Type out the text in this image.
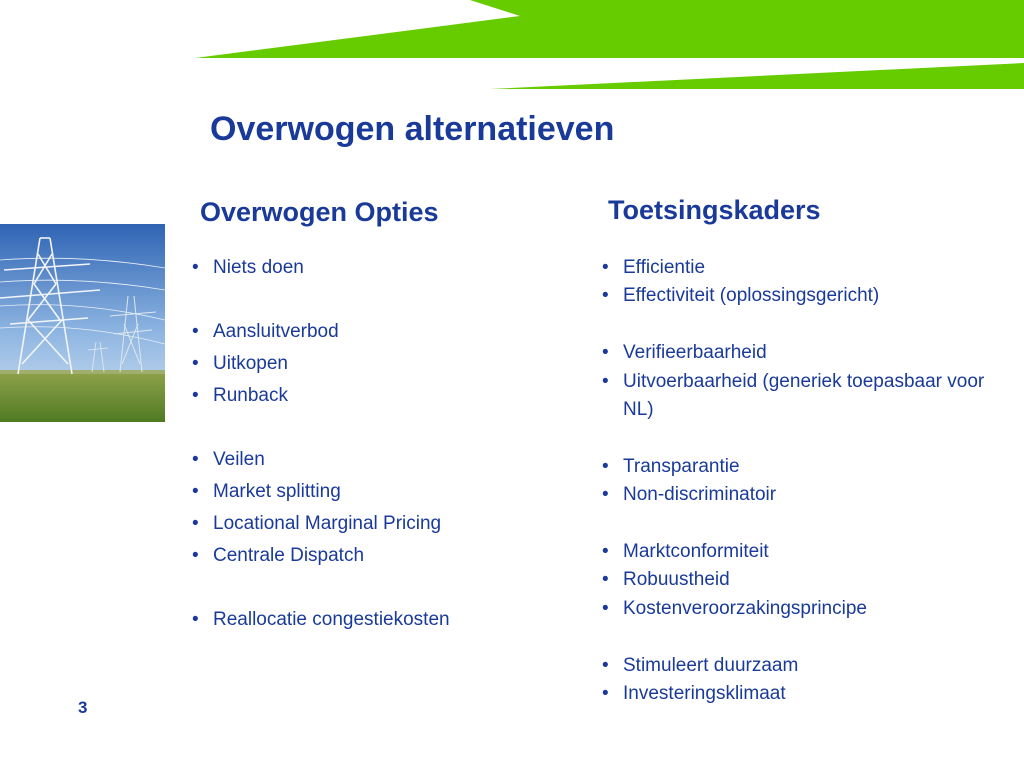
Overwogen alternatieven
Overwogen Opties	Toetsingskaders
• Niets doen
• Aansluitverbod
• Uitkopen
• Runback
• Veilen
• Market splitting
• Locational Marginal Pricing
• Centrale Dispatch
• Reallocatie congestiekosten
• Efficientie
• Effectiviteit (oplossingsgericht)
• Verifieerbaarheid
• Uitvoerbaarheid (generiek toepasbaar voor NL)
• Transparantie
• Non-discriminatoir
• Marktconformiteit
• Robuustheid
• Kostenveroorzakingsprincipe
• Stimuleert duurzaam
• Investeringsklimaat
3
